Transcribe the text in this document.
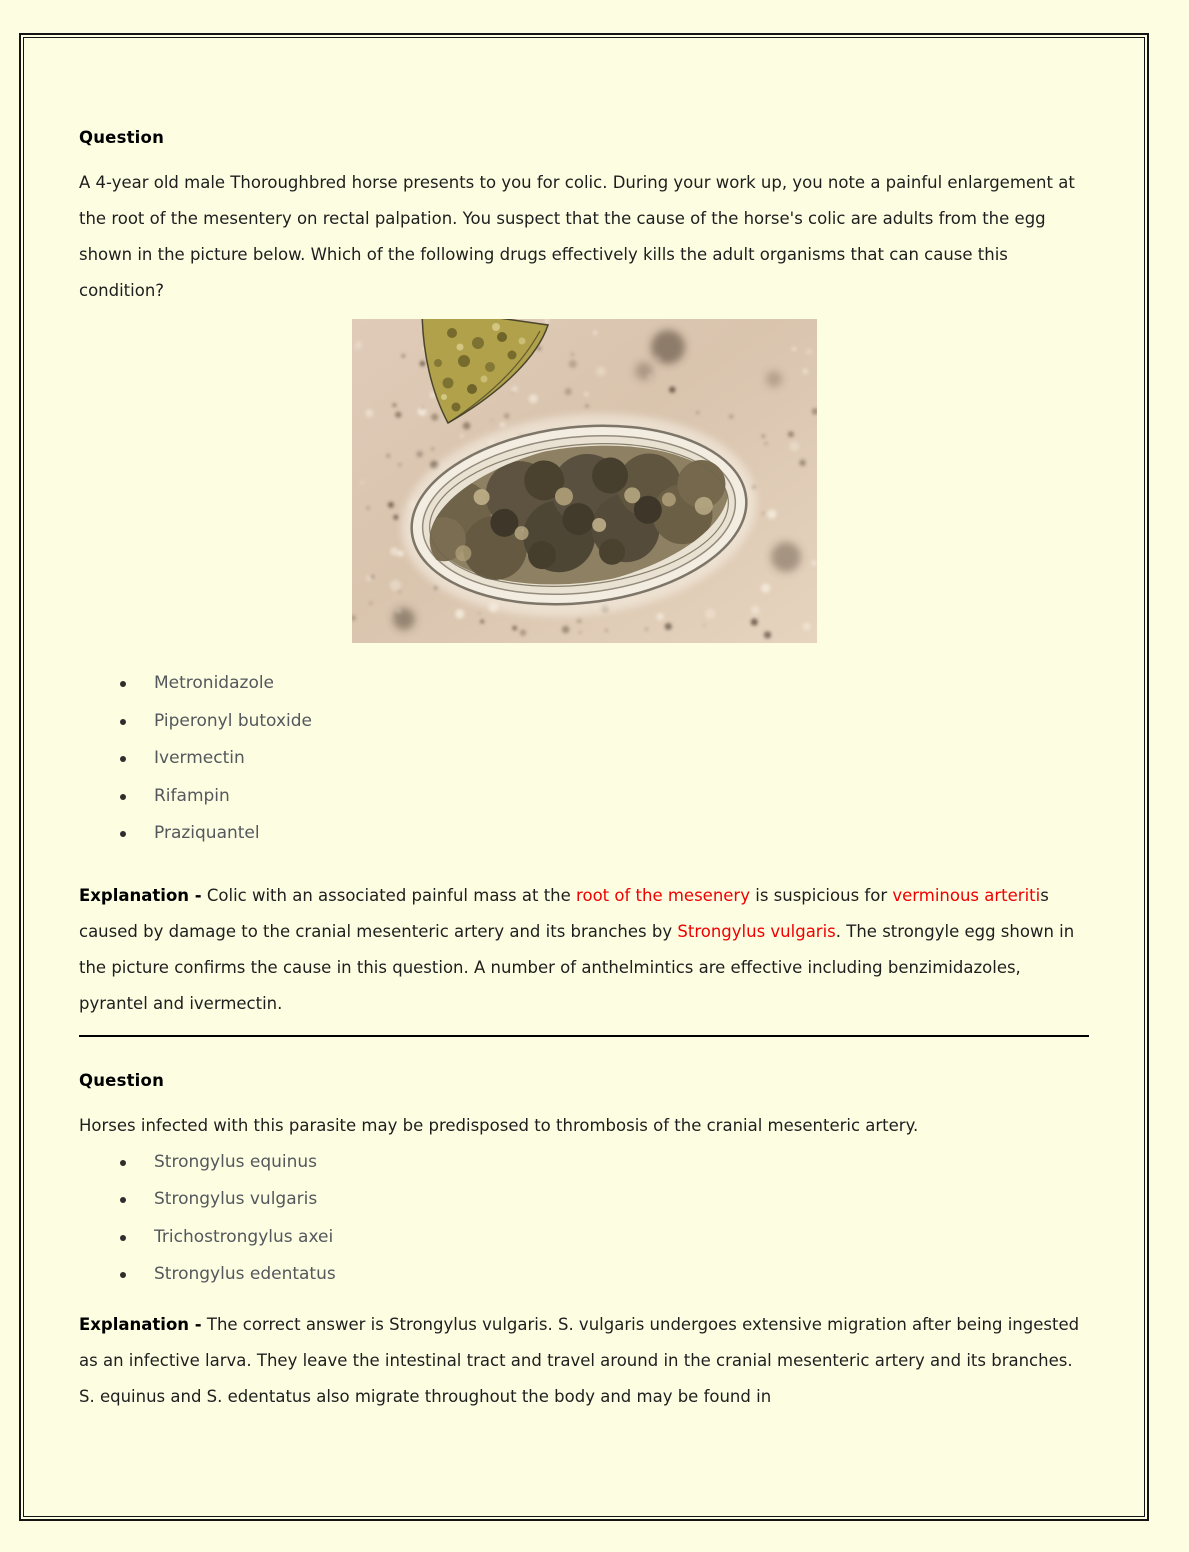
Question

A 4-year old male Thoroughbred horse presents to you for colic. During your work up, you note a painful enlargement at the root of the mesentery on rectal palpation. You suspect that the cause of the horse's colic are adults from the egg shown in the picture below. Which of the following drugs effectively kills the adult organisms that can cause this condition?

Metronidazole
Piperonyl butoxide
Ivermectin
Rifampin
Praziquantel

Explanation - Colic with an associated painful mass at the root of the mesenery is suspicious for verminous arteritis caused by damage to the cranial mesenteric artery and its branches by Strongylus vulgaris. The strongyle egg shown in the picture confirms the cause in this question. A number of anthelmintics are effective including benzimidazoles, pyrantel and ivermectin.

Question

Horses infected with this parasite may be predisposed to thrombosis of the cranial mesenteric artery.

Strongylus equinus
Strongylus vulgaris
Trichostrongylus axei
Strongylus edentatus

Explanation - The correct answer is Strongylus vulgaris. S. vulgaris undergoes extensive migration after being ingested as an infective larva. They leave the intestinal tract and travel around in the cranial mesenteric artery and its branches. S. equinus and S. edentatus also migrate throughout the body and may be found in
